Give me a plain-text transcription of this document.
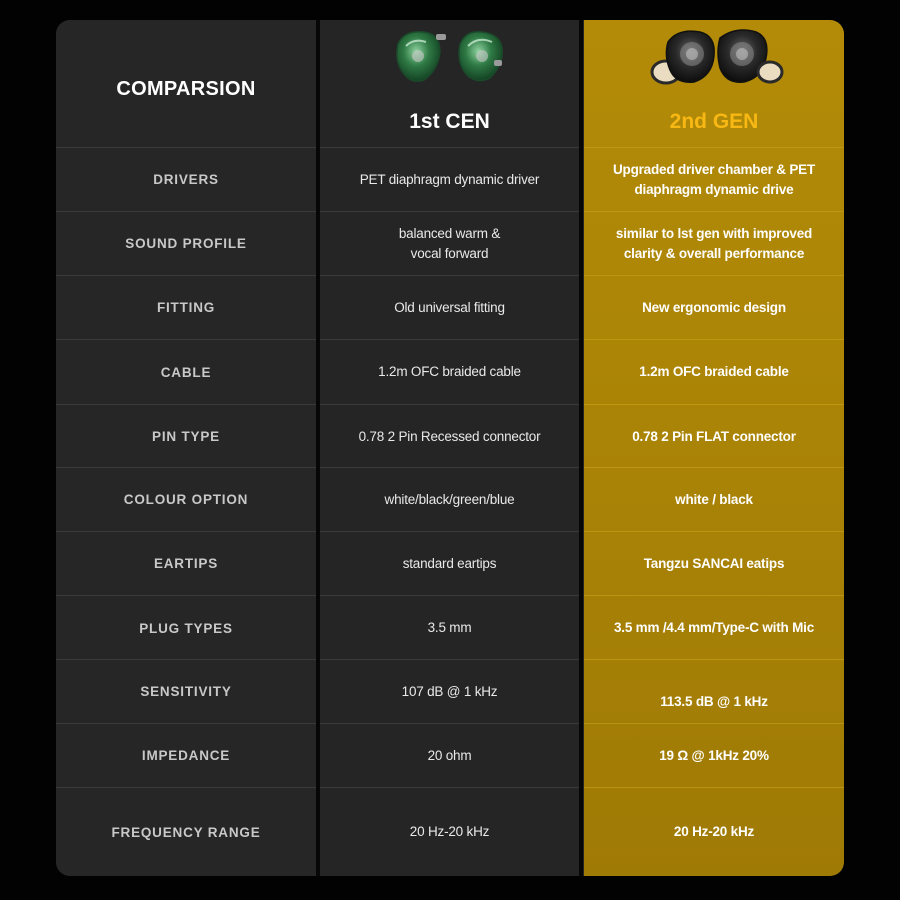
COMPARSION
DRIVERS
SOUND PROFILE
FITTING
CABLE
PIN TYPE
COLOUR OPTION
EARTIPS
PLUG TYPES
SENSITIVITY
IMPEDANCE
FREQUENCY RANGE
1st CEN
PET diaphragm dynamic driver
balanced warm &
vocal forward
Old universal fitting
1.2m OFC braided cable
0.78 2 Pin Recessed connector
white/black/green/blue
standard eartips
3.5 mm
107 dB @ 1 kHz
20 ohm
20 Hz-20 kHz
2nd GEN
Upgraded driver chamber & PET
diaphragm dynamic drive
similar to lst gen with improved
clarity & overall performance
New ergonomic design
1.2m OFC braided cable
0.78 2 Pin FLAT connector
white / black
Tangzu SANCAI eatips
3.5 mm /4.4 mm/Type-C with Mic
113.5 dB @ 1 kHz
19 Ω @ 1kHz 20%
20 Hz-20 kHz
